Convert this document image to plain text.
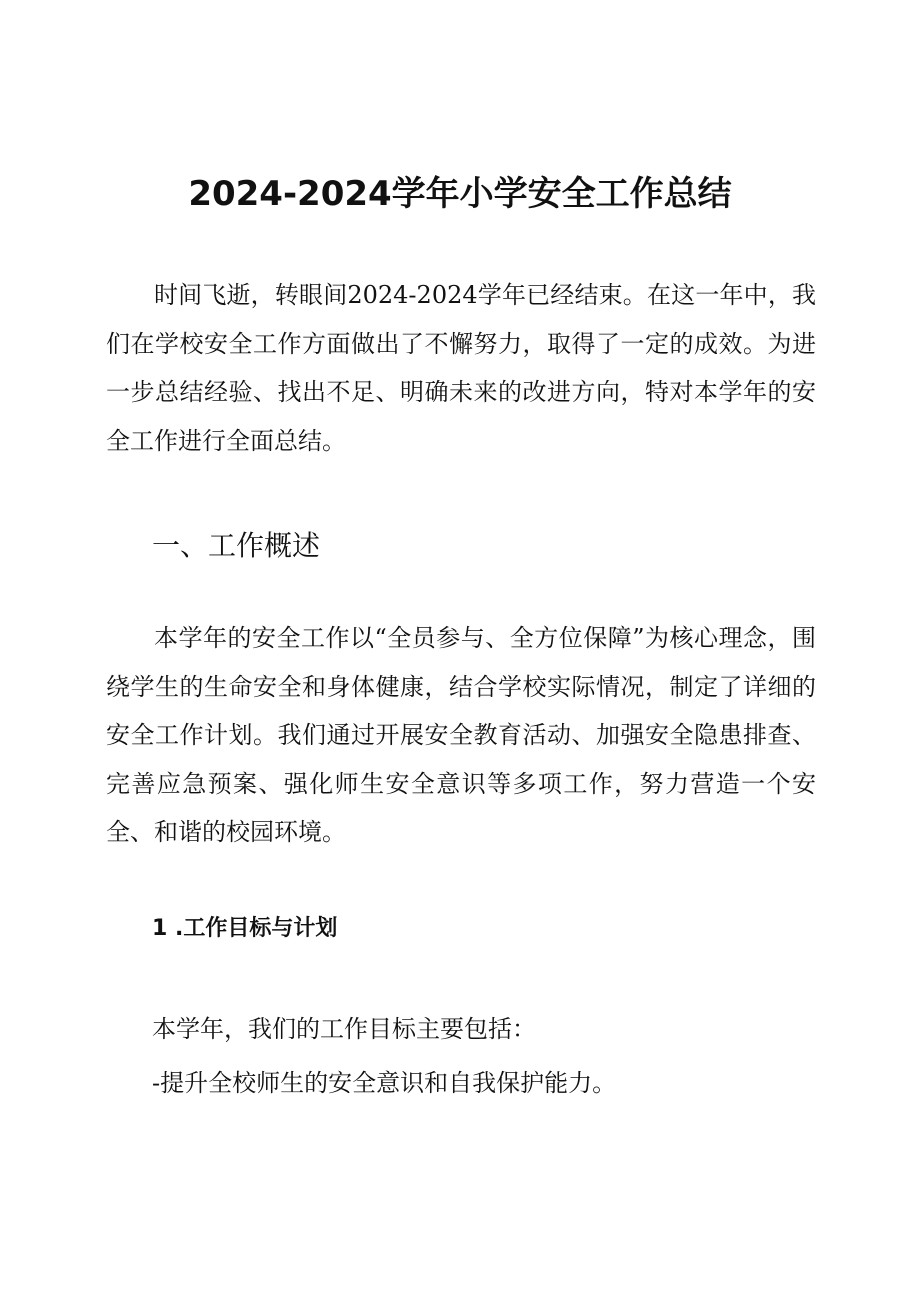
2024-2024学年小学安全工作总结

时间飞逝，转眼间2024-2024学年已经结束。在这一年中，我们在学校安全工作方面做出了不懈努力，取得了一定的成效。为进一步总结经验、找出不足、明确未来的改进方向，特对本学年的安全工作进行全面总结。

一、工作概述

本学年的安全工作以“全员参与、全方位保障”为核心理念，围绕学生的生命安全和身体健康，结合学校实际情况，制定了详细的安全工作计划。我们通过开展安全教育活动、加强安全隐患排查、完善应急预案、强化师生安全意识等多项工作，努力营造一个安全、和谐的校园环境。

1 .工作目标与计划

本学年，我们的工作目标主要包括：

-提升全校师生的安全意识和自我保护能力。
